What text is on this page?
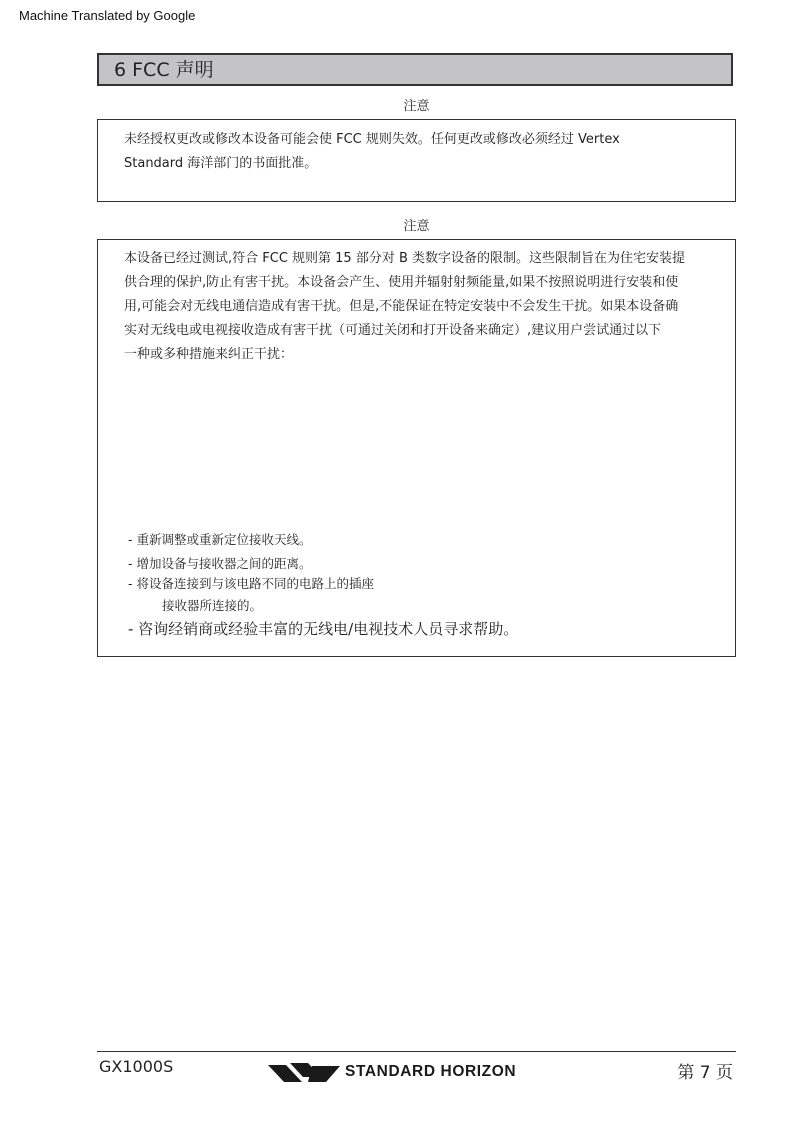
Machine Translated by Google
6 FCC 声明
注意

未经授权更改或修改本设备可能会使 FCC 规则失效。任何更改或修改必须经过 Vertex

Standard 海洋部门的书面批准。

注意

本设备已经过测试,符合 FCC 规则第 15 部分对 B 类数字设备的限制。这些限制旨在为住宅安装提

供合理的保护,防止有害干扰。本设备会产生、使用并辐射射频能量,如果不按照说明进行安装和使

用,可能会对无线电通信造成有害干扰。但是,不能保证在特定安装中不会发生干扰。如果本设备确

实对无线电或电视接收造成有害干扰（可通过关闭和打开设备来确定）,建议用户尝试通过以下

一种或多种措施来纠正干扰：

- 重新调整或重新定位接收天线。
- 增加设备与接收器之间的距离。
- 将设备连接到与该电路不同的电路上的插座
接收器所连接的。
- 咨询经销商或经验丰富的无线电/电视技术人员寻求帮助。
GX1000S	STANDARD HORIZON	第 7 页
